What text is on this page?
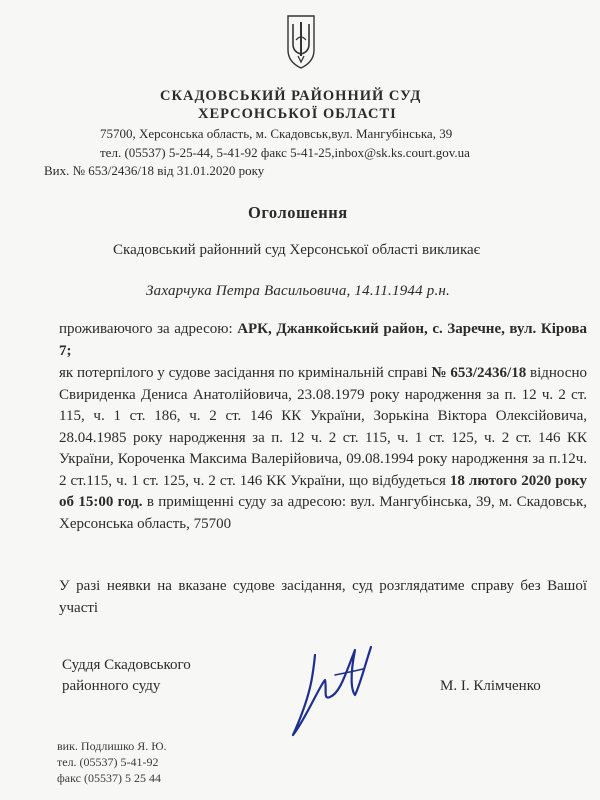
СКАДОВСЬКИЙ РАЙОННИЙ СУД
ХЕРСОНСЬКОЇ ОБЛАСТІ
75700, Херсонська область, м. Скадовськ,вул. Мангубінська, 39
тел. (05537) 5-25-44, 5-41-92 факс 5-41-25,inbox@sk.ks.court.gov.ua
Вих. № 653/2436/18 від 31.01.2020 року
Оголошення
Скадовський районний суд Херсонської області викликає
Захарчука Петра Васильовича, 14.11.1944 р.н.
проживаючого за адресою: АРК, Джанкойський район, с. Заречне, вул. Кірова 7;
як потерпілого у судове засідання по кримінальній справі № 653/2436/18 відносно Свириденка Дениса Анатолійовича, 23.08.1979 року народження за п. 12 ч. 2 ст. 115, ч. 1 ст. 186, ч. 2 ст. 146 КК України, Зорькіна Віктора Олексійовича, 28.04.1985 року народження за п. 12 ч. 2 ст. 115, ч. 1 ст. 125, ч. 2 ст. 146 КК України, Короченка Максима Валерійовича, 09.08.1994 року народження за п.12ч. 2 ст.115, ч. 1 ст. 125, ч. 2 ст. 146 КК України, що відбудеться 18 лютого 2020 року об 15:00 год. в приміщенні суду за адресою: вул. Мангубінська, 39, м. Скадовськ, Херсонська область, 75700
У разі неявки на вказане судове засідання, суд розглядатиме справу без Вашої участі
Суддя Скадовського
районного суду	М. І. Клімченко
вик. Подлишко Я. Ю.
тел. (05537) 5-41-92
факс (05537) 5 25 44
